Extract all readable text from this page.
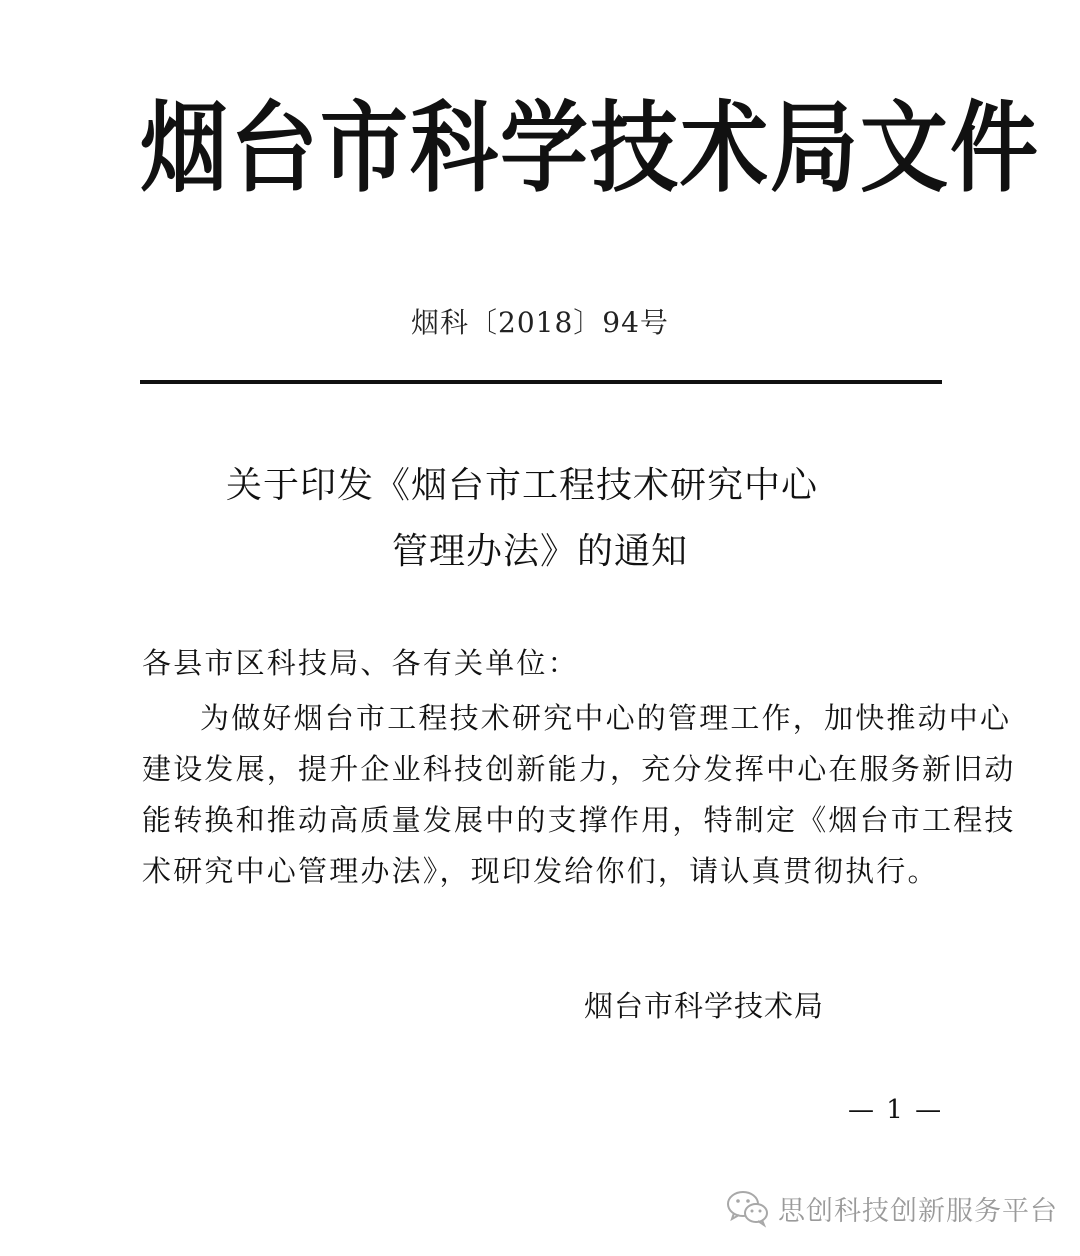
烟台市科学技术局文件
烟科〔2018〕94号
关于印发《烟台市工程技术研究中心
管理办法》的通知
各县市区科技局、各有关单位：
为做好烟台市工程技术研究中心的管理工作，加快推动中心
建设发展，提升企业科技创新能力，充分发挥中心在服务新旧动
能转换和推动高质量发展中的支撑作用，特制定《烟台市工程技
术研究中心管理办法》，现印发给你们，请认真贯彻执行。
烟台市科学技术局
— 1 —
思创科技创新服务平台
